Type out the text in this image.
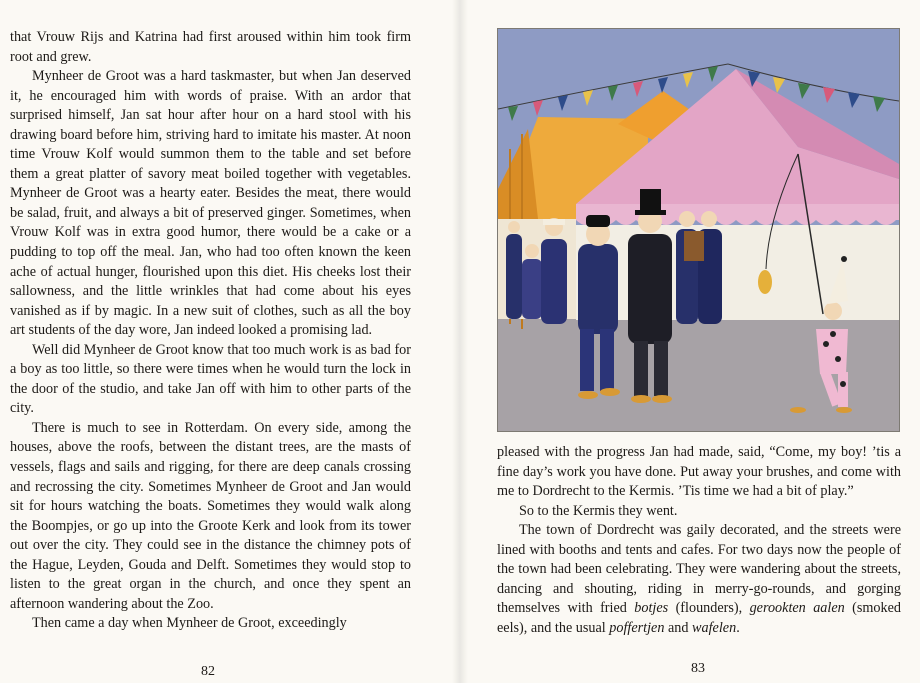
that Vrouw Rijs and Katrina had first aroused within him took firm root and grew.

Mynheer de Groot was a hard taskmaster, but when Jan deserved it, he encouraged him with words of praise. With an ardor that surprised himself, Jan sat hour after hour on a hard stool with his drawing board before him, striving hard to imitate his master. At noon time Vrouw Kolf would summon them to the table and set before them a great platter of savory meat boiled together with vegetables. Mynheer de Groot was a hearty eater. Besides the meat, there would be salad, fruit, and always a bit of preserved ginger. Sometimes, when Vrouw Kolf was in extra good humor, there would be a cake or a pudding to top off the meal. Jan, who had too often known the keen ache of actual hunger, flourished upon this diet. His cheeks lost their sallowness, and the little wrinkles that had come about his eyes vanished as if by magic. In a new suit of clothes, such as all the boy art students of the day wore, Jan indeed looked a promising lad.

Well did Mynheer de Groot know that too much work is as bad for a boy as too little, so there were times when he would turn the lock in the door of the studio, and take Jan off with him to other parts of the city.

There is much to see in Rotterdam. On every side, among the houses, above the roofs, between the distant trees, are the masts of vessels, flags and sails and rigging, for there are deep canals crossing and recrossing the city. Sometimes Mynheer de Groot and Jan would sit for hours watching the boats. Sometimes they would walk along the Boompjes, or go up into the Groote Kerk and look from its tower out over the city. They could see in the distance the chimney pots of the Hague, Leyden, Gouda and Delft. Sometimes they would stop to listen to the great organ in the church, and once they spent an afternoon wandering about the Zoo.

Then came a day when Mynheer de Groot, exceedingly

82

pleased with the progress Jan had made, said, “Come, my boy! ’tis a fine day’s work you have done. Put away your brushes, and come with me to Dordrecht to the Kermis. ’Tis time we had a bit of play.”

So to the Kermis they went.

The town of Dordrecht was gaily decorated, and the streets were lined with booths and tents and cafes. For two days now the people of the town had been celebrating. They were wandering about the streets, dancing and shouting, riding in merry-go-rounds, and gorging themselves with fried botjes (flounders), gerookten aalen (smoked eels), and the usual poffertjen and wafelen.

83
